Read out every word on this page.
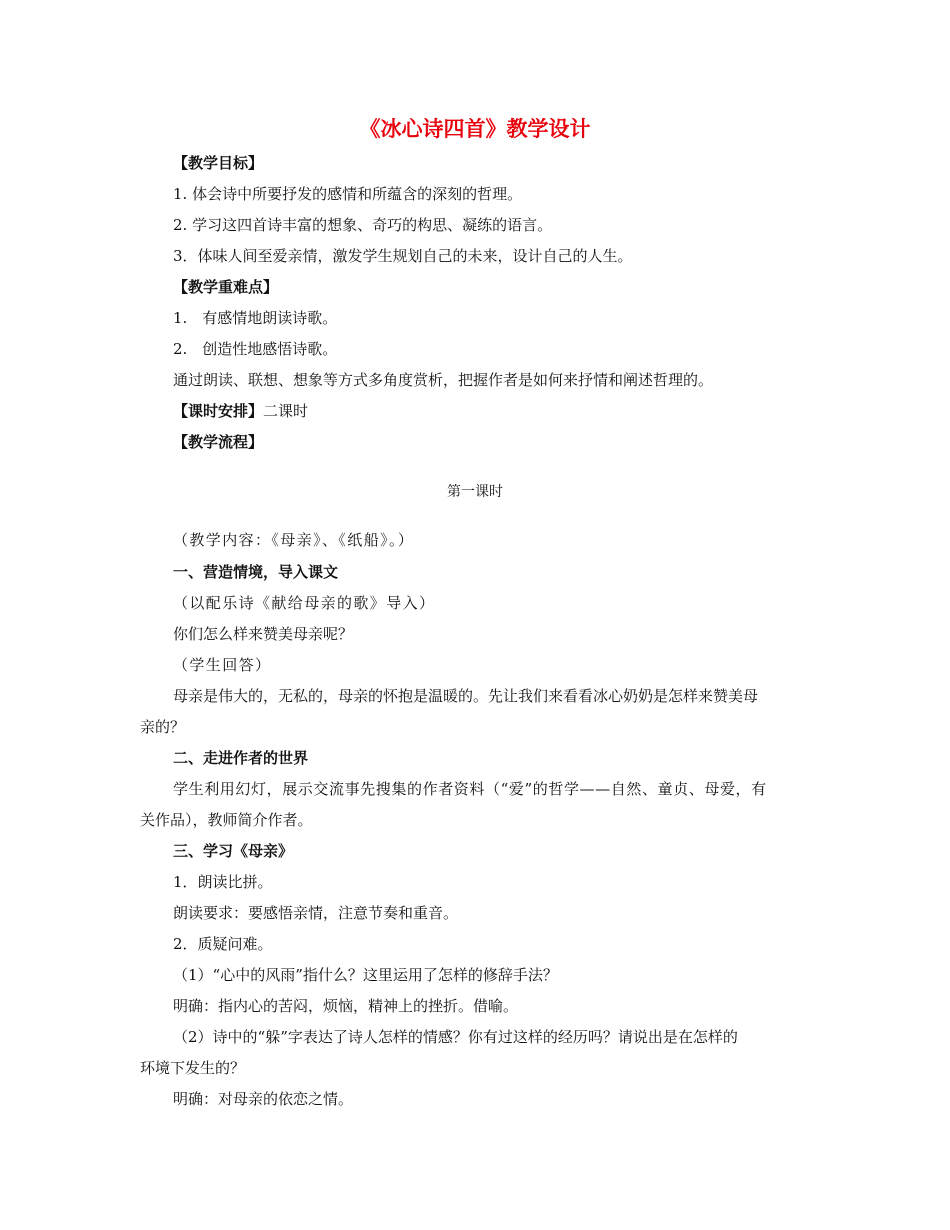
《冰心诗四首》教学设计
【教学目标】
1. 体会诗中所要抒发的感情和所蕴含的深刻的哲理。
2. 学习这四首诗丰富的想象、奇巧的构思、凝练的语言。
3．体味人间至爱亲情，激发学生规划自己的未来，设计自己的人生。
【教学重难点】
1.　有感情地朗读诗歌。
2.　创造性地感悟诗歌。
通过朗读、联想、想象等方式多角度赏析，把握作者是如何来抒情和阐述哲理的。
【课时安排】二课时
【教学流程】
第一课时
（教学内容：《母亲》、《纸船》。）
一、营造情境，导入课文
（以配乐诗《献给母亲的歌》导入）
你们怎么样来赞美母亲呢？
（学生回答）
母亲是伟大的，无私的，母亲的怀抱是温暖的。先让我们来看看冰心奶奶是怎样来赞美母
亲的？
二、走进作者的世界
学生利用幻灯，展示交流事先搜集的作者资料（“爱”的哲学——自然、童贞、母爱，有
关作品），教师简介作者。
三、学习《母亲》
1．朗读比拼。
朗读要求：要感悟亲情，注意节奏和重音。
2．质疑问难。
（1）“心中的风雨”指什么？这里运用了怎样的修辞手法？
明确：指内心的苦闷，烦恼，精神上的挫折。借喻。
（2）诗中的“躲”字表达了诗人怎样的情感？你有过这样的经历吗？请说出是在怎样的
环境下发生的？
明确：对母亲的依恋之情。
